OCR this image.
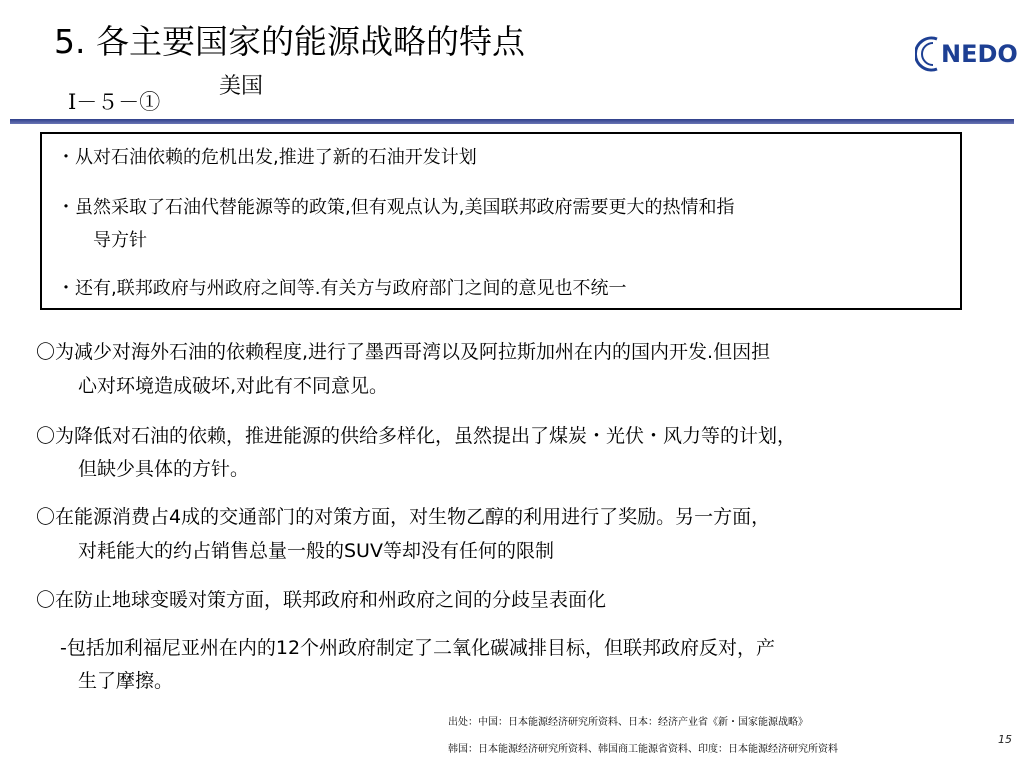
5. 各主要国家的能源战略的特点
美国
Ⅰ－５－①
NEDO
・从对石油依赖的危机出发,推进了新的石油开发计划
・虽然采取了石油代替能源等的政策,但有观点认为,美国联邦政府需要更大的热情和指
导方针
・还有,联邦政府与州政府之间等.有关方与政府部门之间的意见也不统一
〇为减少对海外石油的依赖程度,进行了墨西哥湾以及阿拉斯加州在内的国内开发.但因担
心对环境造成破坏,对此有不同意见。
〇为降低对石油的依赖，推进能源的供给多样化，虽然提出了煤炭・光伏・风力等的计划，
但缺少具体的方针。
〇在能源消费占4成的交通部门的对策方面，对生物乙醇的利用进行了奖励。另一方面，
对耗能大的约占销售总量一般的SUV等却没有任何的限制
〇在防止地球变暖对策方面，联邦政府和州政府之间的分歧呈表面化
-包括加利福尼亚州在内的12个州政府制定了二氧化碳减排目标，但联邦政府反对，产
生了摩擦。
出处：中国：日本能源经济研究所资料、日本：经济产业省《新・国家能源战略》
韩国：日本能源经济研究所资料、韩国商工能源省资料、印度：日本能源经济研究所资料
15
